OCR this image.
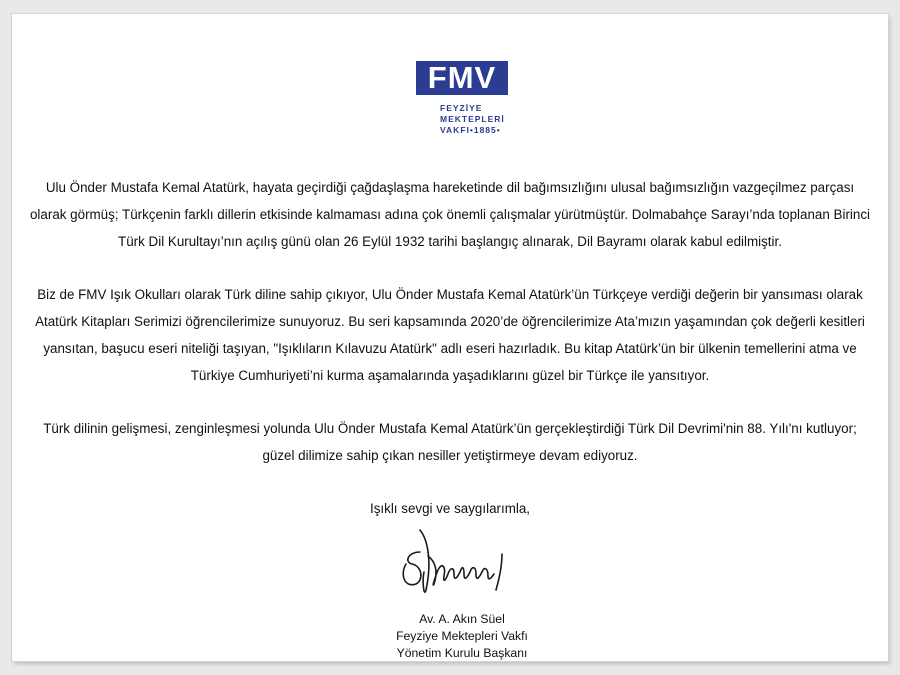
FMV
FEYZİYE
MEKTEPLERİ
VAKFI•1885•

Ulu Önder Mustafa Kemal Atatürk, hayata geçirdiği çağdaşlaşma hareketinde dil bağımsızlığını ulusal bağımsızlığın vazgeçilmez parçası olarak görmüş; Türkçenin farklı dillerin etkisinde kalmaması adına çok önemli çalışmalar yürütmüştür. Dolmabahçe Sarayı’nda toplanan Birinci Türk Dil Kurultayı’nın açılış günü olan 26 Eylül 1932 tarihi başlangıç alınarak, Dil Bayramı olarak kabul edilmiştir.

Biz de FMV Işık Okulları olarak Türk diline sahip çıkıyor, Ulu Önder Mustafa Kemal Atatürk’ün Türkçeye verdiği değerin bir yansıması olarak Atatürk Kitapları Serimizi öğrencilerimize sunuyoruz. Bu seri kapsamında 2020’de öğrencilerimize Ata’mızın yaşamından çok değerli kesitleri yansıtan, başucu eseri niteliği taşıyan, "Işıklıların Kılavuzu Atatürk" adlı eseri hazırladık. Bu kitap Atatürk’ün bir ülkenin temellerini atma ve Türkiye Cumhuriyeti’ni kurma aşamalarında yaşadıklarını güzel bir Türkçe ile yansıtıyor.

Türk dilinin gelişmesi, zenginleşmesi yolunda Ulu Önder Mustafa Kemal Atatürk’ün gerçekleştirdiği Türk Dil Devrimi'nin 88. Yılı'nı kutluyor; güzel dilimize sahip çıkan nesiller yetiştirmeye devam ediyoruz.

Işıklı sevgi ve saygılarımla,

Av. A. Akın Süel
Feyziye Mektepleri Vakfı
Yönetim Kurulu Başkanı
